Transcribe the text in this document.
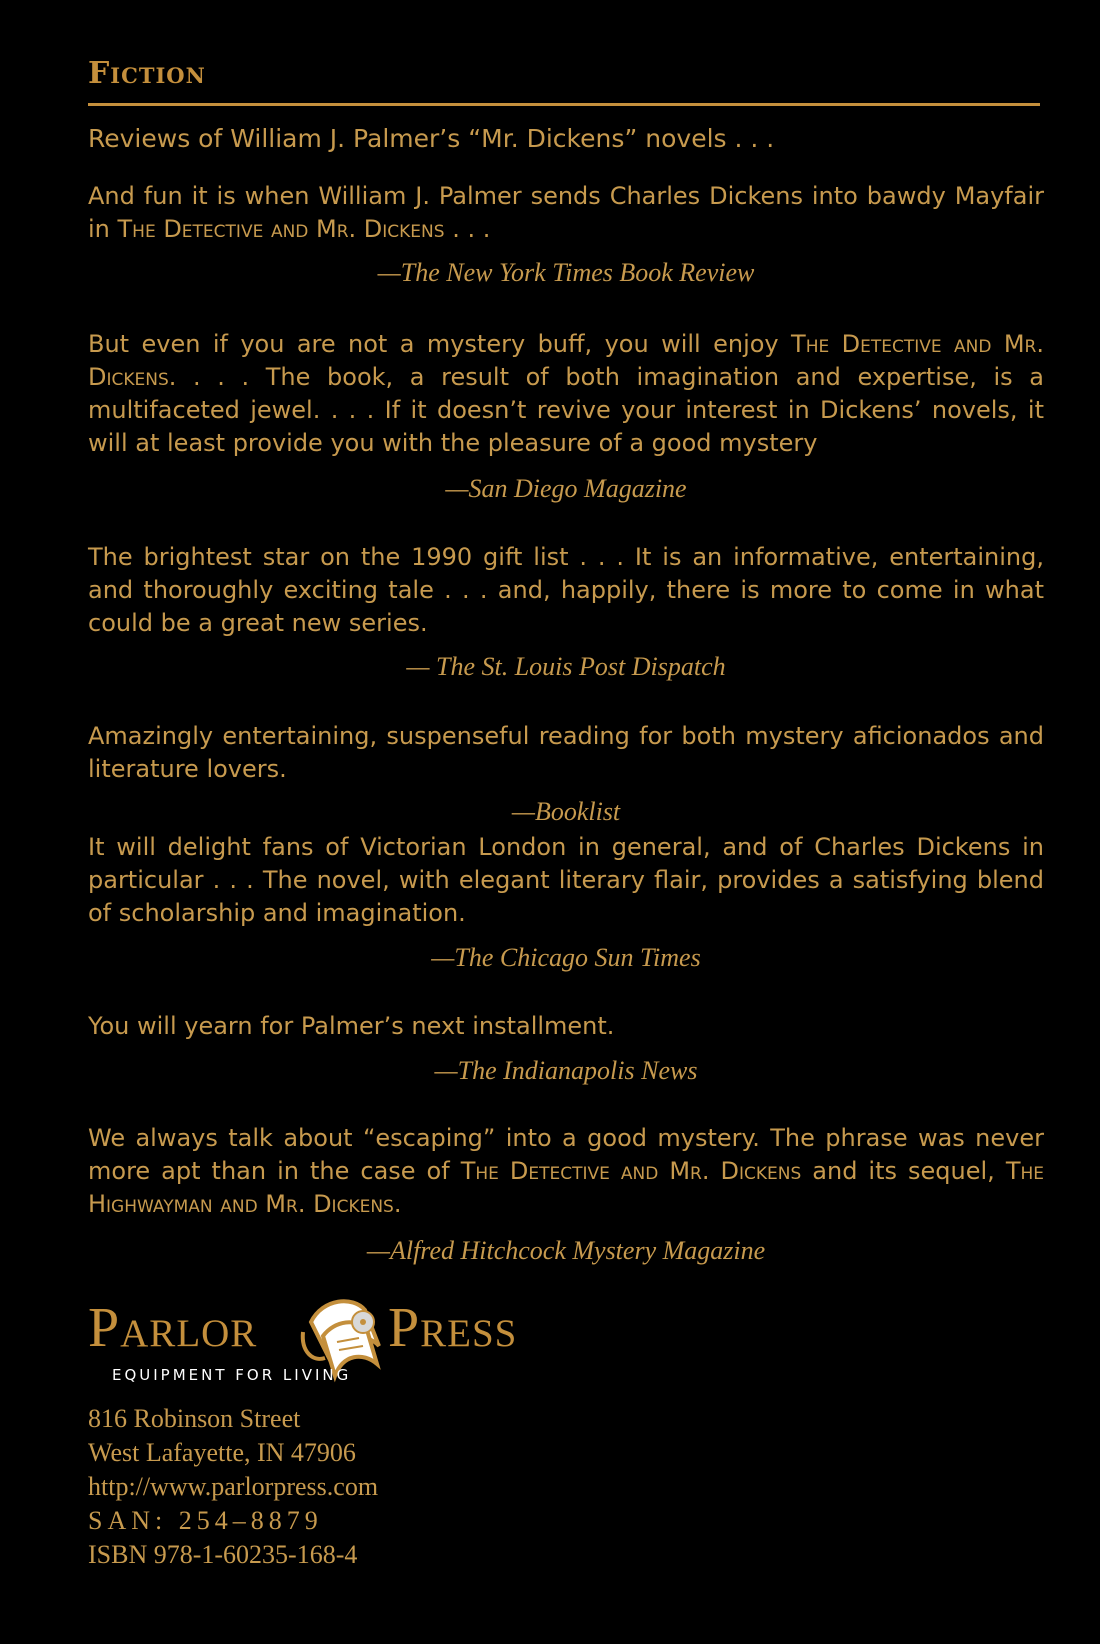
Fiction
Reviews of William J. Palmer’s “Mr. Dickens” novels . . .
And fun it is when William J. Palmer sends Charles Dickens into bawdy Mayfair in The Detective and Mr. Dickens . . .
—The New York Times Book Review
But even if you are not a mystery buff, you will enjoy The Detective and Mr. Dickens. . . . The book, a result of both imagination and expertise, is a multifaceted jewel. . . . If it doesn’t revive your interest in Dickens’ novels, it will at least provide you with the pleasure of a good mystery
—San Diego Magazine
The brightest star on the 1990 gift list . . . It is an informative, entertaining, and thoroughly exciting tale . . . and, happily, there is more to come in what could be a great new series.
— The St. Louis Post Dispatch
Amazingly entertaining, suspenseful reading for both mystery aficionados and literature lovers.
—Booklist
It will delight fans of Victorian London in general, and of Charles Dickens in particular . . . The novel, with elegant literary flair, provides a satisfying blend of scholarship and imagination.
—The Chicago Sun Times
You will yearn for Palmer’s next installment.
—The Indianapolis News
We always talk about “escaping” into a good mystery. The phrase was never more apt than in the case of The Detective and Mr. Dickens and its sequel, The Highwayman and Mr. Dickens.
—Alfred Hitchcock Mystery Magazine
Parlor Press
EQUIPMENT FOR LIVING
816 Robinson Street
West Lafayette, IN 47906
http://www.parlorpress.com
SAN: 254–8879
ISBN 978-1-60235-168-4
